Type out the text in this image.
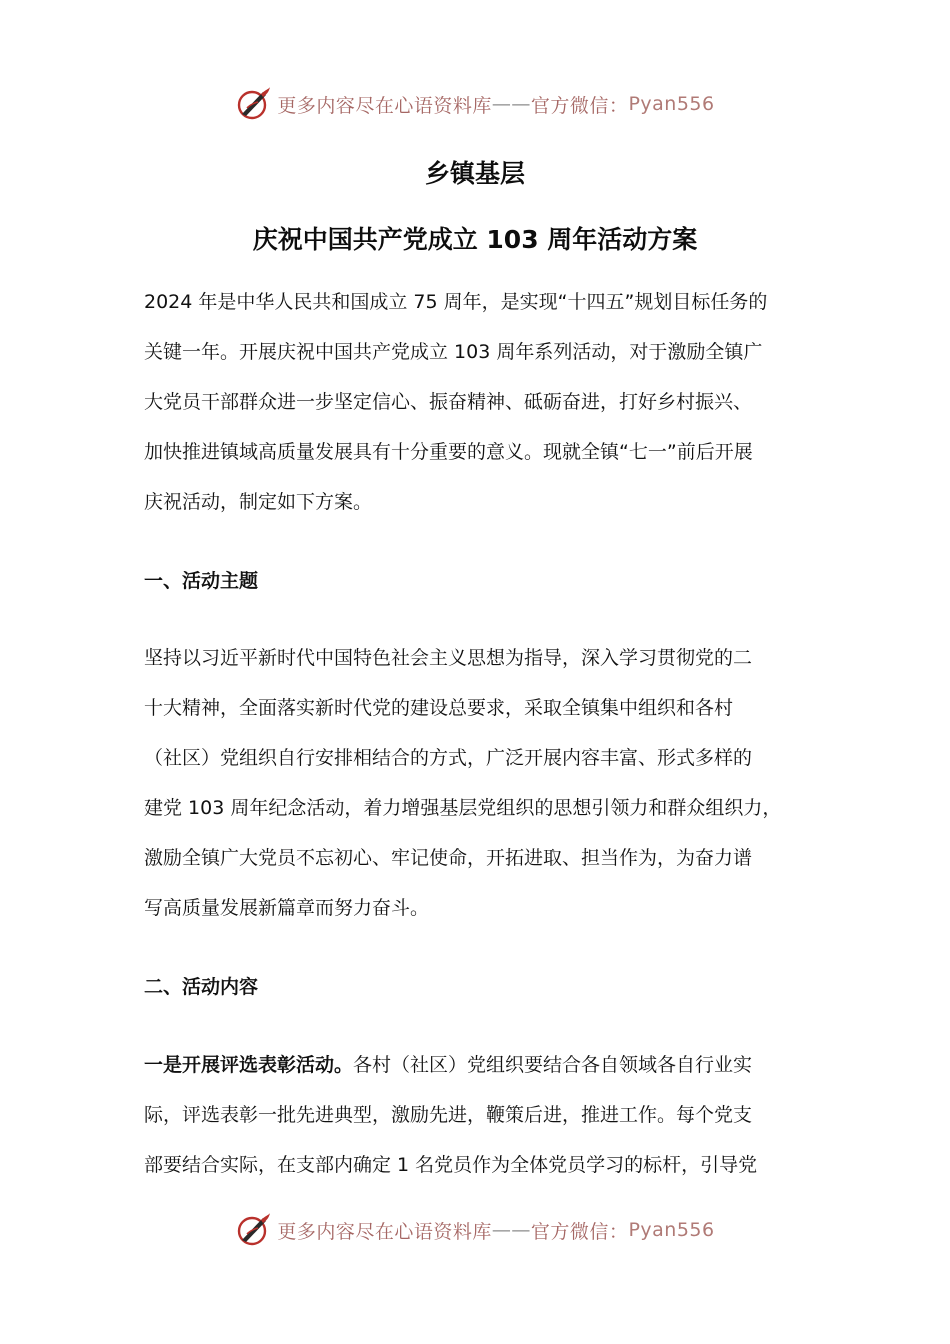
更多内容尽在心语资料库 —— 官方微信： Pyan556
乡镇基层
庆祝中国共产党成立 103 周年活动方案

2024 年是中华人民共和国成立 75 周年，是实现“十四五”规划目标任务的
关键一年。开展庆祝中国共产党成立 103 周年系列活动，对于激励全镇广
大党员干部群众进一步坚定信心、振奋精神、砥砺奋进，打好乡村振兴、
加快推进镇域高质量发展具有十分重要的意义。现就全镇“七一”前后开展
庆祝活动，制定如下方案。

一、活动主题

坚持以习近平新时代中国特色社会主义思想为指导，深入学习贯彻党的二
十大精神，全面落实新时代党的建设总要求，采取全镇集中组织和各村
（社区）党组织自行安排相结合的方式，广泛开展内容丰富、形式多样的
建党 103 周年纪念活动，着力增强基层党组织的思想引领力和群众组织力，
激励全镇广大党员不忘初心、牢记使命，开拓进取、担当作为，为奋力谱
写高质量发展新篇章而努力奋斗。

二、活动内容

一是开展评选表彰活动。各村（社区）党组织要结合各自领域各自行业实
际，评选表彰一批先进典型，激励先进，鞭策后进，推进工作。每个党支
部要结合实际，在支部内确定 1 名党员作为全体党员学习的标杆，引导党

更多内容尽在心语资料库 —— 官方微信： Pyan556
